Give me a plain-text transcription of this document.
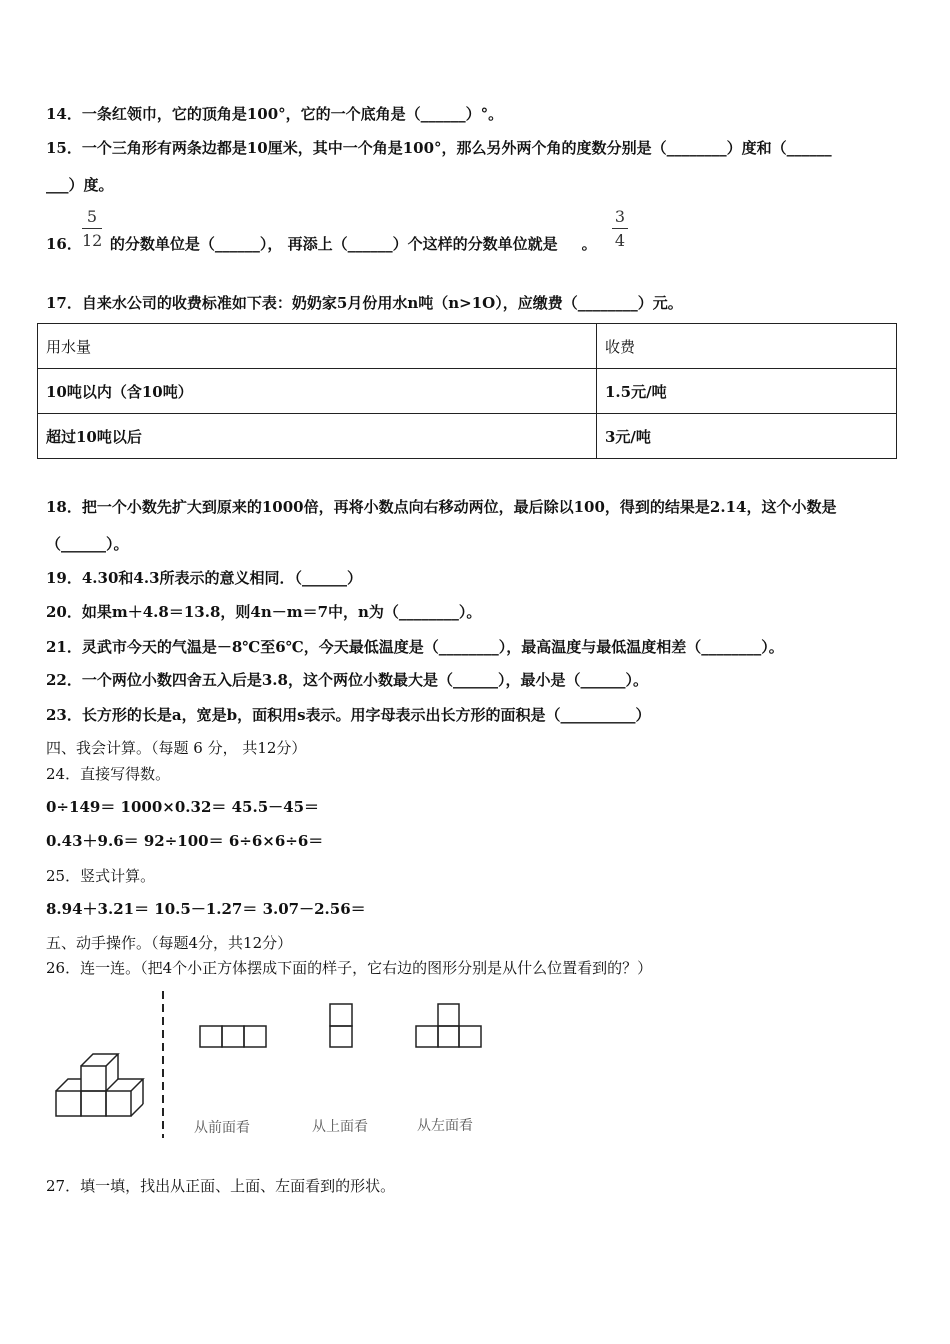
14．一条红领巾，它的顶角是100°，它的一个底角是（______）°。
15．一个三角形有两条边都是10厘米，其中一个角是100°，那么另外两个角的度数分别是（________）度和（______
___）度。
16． 的分数单位是（______）， 再添上（______）个这样的分数单位就是 。
5
12
3
4
17．自来水公司的收费标准如下表：奶奶家5月份用水n吨（n>1O），应缴费（________）元。
用水量	收费
10吨以内（含10吨）	1.5元/吨
超过10吨以后	3元/吨
18．把一个小数先扩大到原来的1000倍，再将小数点向右移动两位，最后除以100，得到的结果是2.14，这个小数是
（______）。
19．4.30和4.3所表示的意义相同．（______）
20．如果m＋4.8＝13.8，则4n－m＝7中，n为（________）。
21．灵武市今天的气温是－8℃至6℃，今天最低温度是（________），最高温度与最低温度相差（________）。
22．一个两位小数四舍五入后是3.8，这个两位小数最大是（______），最小是（______）。
23．长方形的长是a，宽是b，面积用s表示。用字母表示出长方形的面积是（__________）
四、我会计算。（每题 6 分， 共12分）
24．直接写得数。
0÷149＝ 1000×0.32＝ 45.5－45＝
0.43＋9.6＝ 92÷100＝ 6÷6×6÷6＝
25．竖式计算。
8.94＋3.21＝ 10.5－1.27＝ 3.07－2.56＝
五、动手操作。（每题4分，共12分）
26．连一连。（把4个小正方体摆成下面的样子，它右边的图形分别是从什么位置看到的？）
从前面看	从上面看	从左面看
27．填一填，找出从正面、上面、左面看到的形状。
